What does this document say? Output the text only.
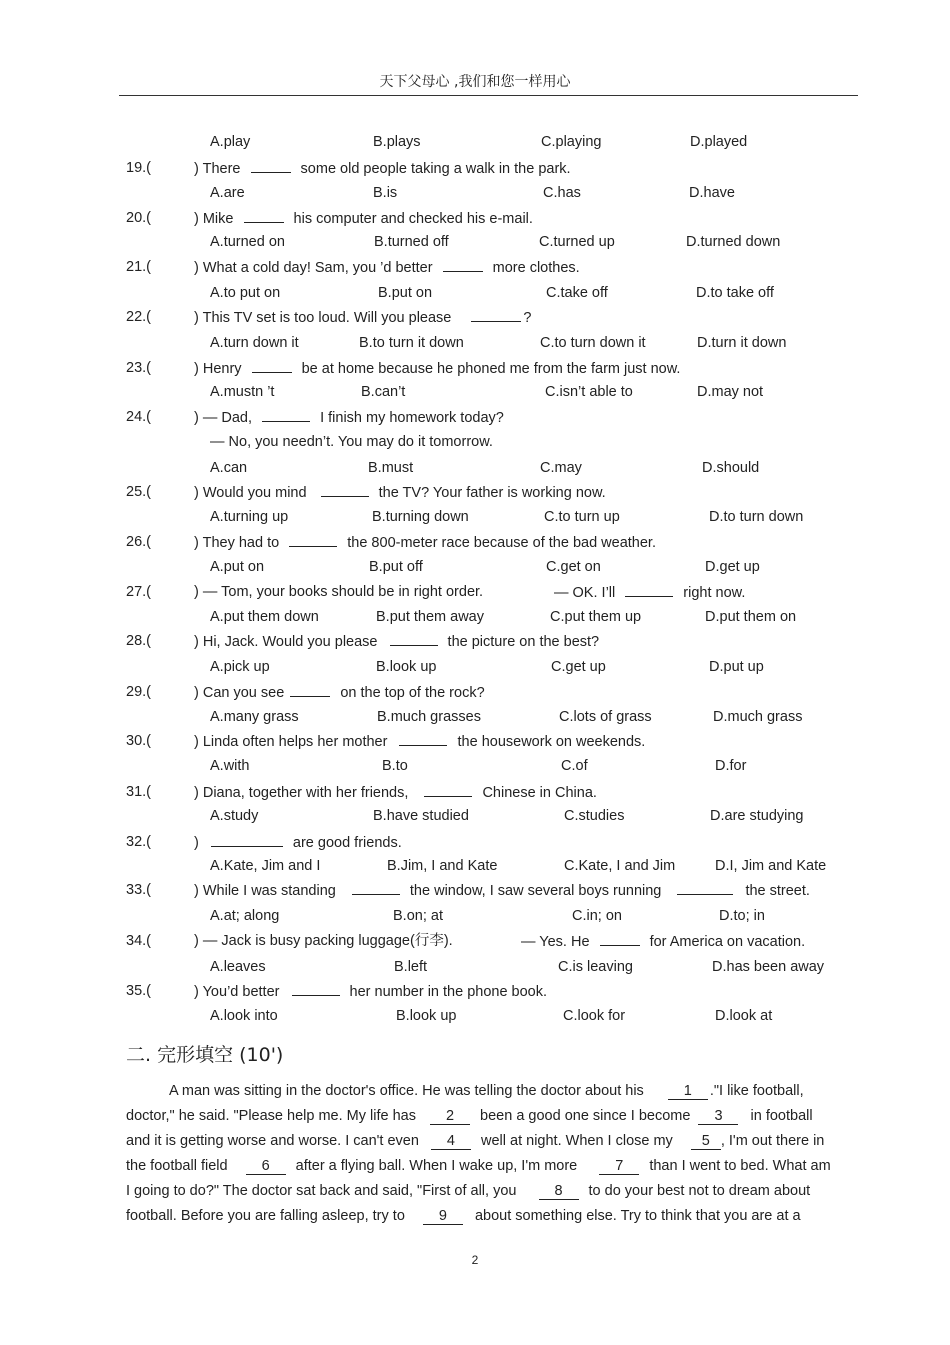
天下父母心 ,我们和您一样用心
A.play	B.plays	C.playing	D.played
19.(	) There	some old people taking a walk in the park.
A.are	B.is	C.has	D.have
20.(	) Mike	his computer and checked his e-mail.
A.turned on	B.turned off	C.turned up	D.turned down
21.(	) What a cold day! Sam, you ’d better	more clothes.
A.to put on	B.put on	C.take off	D.to take off
22.(	) This TV set is too loud. Will you please	?
A.turn down it	B.to turn it down	C.to turn down it	D.turn it down
23.(	) Henry	be at home because he phoned me from the farm just now.
A.mustn ’t	B.can’t	C.isn’t able to	D.may not
24.(	) — Dad,	I finish my homework today?
— No, you needn’t. You may do it tomorrow.
A.can	B.must	C.may	D.should
25.(	) Would you mind	the TV? Your father is working now.
A.turning up	B.turning down	C.to turn up	D.to turn down
26.(	) They had to	the 800-meter race because of the bad weather.
A.put on	B.put off	C.get on	D.get up
27.(	) — Tom, your books should be in right order.	— OK. I’ll	right now.
A.put them down	B.put them away	C.put them up	D.put them on
28.(	) Hi, Jack. Would you please	the picture on the best?
A.pick up	B.look up	C.get up	D.put up
29.(	) Can you see	on the top of the rock?
A.many grass	B.much grasses	C.lots of grass	D.much grass
30.(	) Linda often helps her mother	the housework on weekends.
A.with	B.to	C.of	D.for
31.(	) Diana, together with her friends,	Chinese in China.
A.study	B.have studied	C.studies	D.are studying
32.(	)	are good friends.
A.Kate, Jim and I	B.Jim, I and Kate	C.Kate, I and Jim	D.I, Jim and Kate
33.(	) While I was standing	the window, I saw several boys running	the street.
A.at; along	B.on; at	C.in; on	D.to; in
34.(	) — Jack is busy packing luggage(行李).	— Yes. He	for America on vacation.
A.leaves	B.left	C.is leaving	D.has been away
35.(	) You’d better	her number in the phone book.
A.look into	B.look up	C.look for	D.look at
二. 完形填空 (10')
A man was sitting in the doctor's office. He was telling the doctor about his	1 ."I like football,
doctor," he said. "Please help me. My life has 2 been a good one since I become 3 in football
and it is getting worse and worse. I can't even 4 well at night. When I close my 5 , I'm out there in
the football field 6 after a flying ball. When I wake up, I'm more	7 than I went to bed. What am
I going to do?" The doctor sat back and said, "First of all, you	8 to do your best not to dream about
football. Before you are falling asleep, try to 9 about something else. Try to think that you are at a
2
